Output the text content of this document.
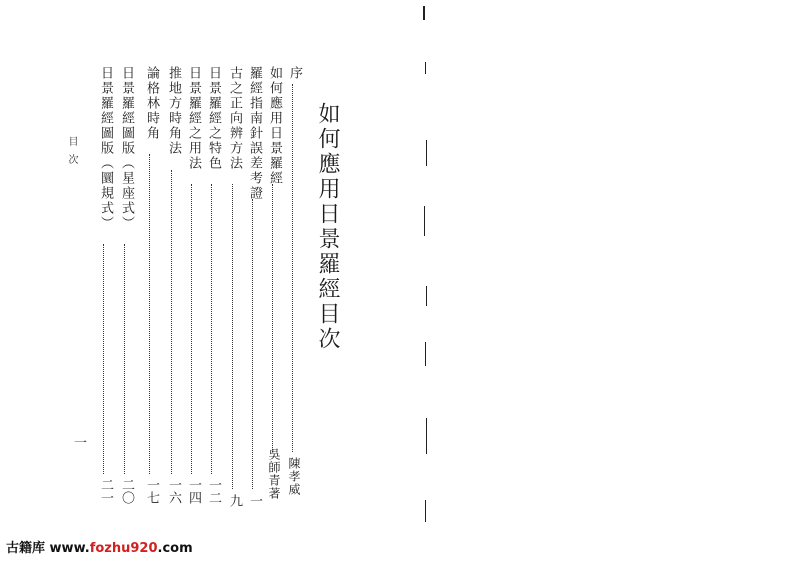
如何應用日景羅經目次
序
陳孝威
如何應用日景羅經
吳師青著
羅經指南針誤差考證
一
古之正向辨方法
九
日景羅經之特色
一二
日景羅經之用法
一四
推地方時角法
一六
論格林時角
一七
日景羅經圖版（星座式）
二〇
日景羅經圖版（圜規式）
二一
目次
一
古籍库 www.fozhu920.com
